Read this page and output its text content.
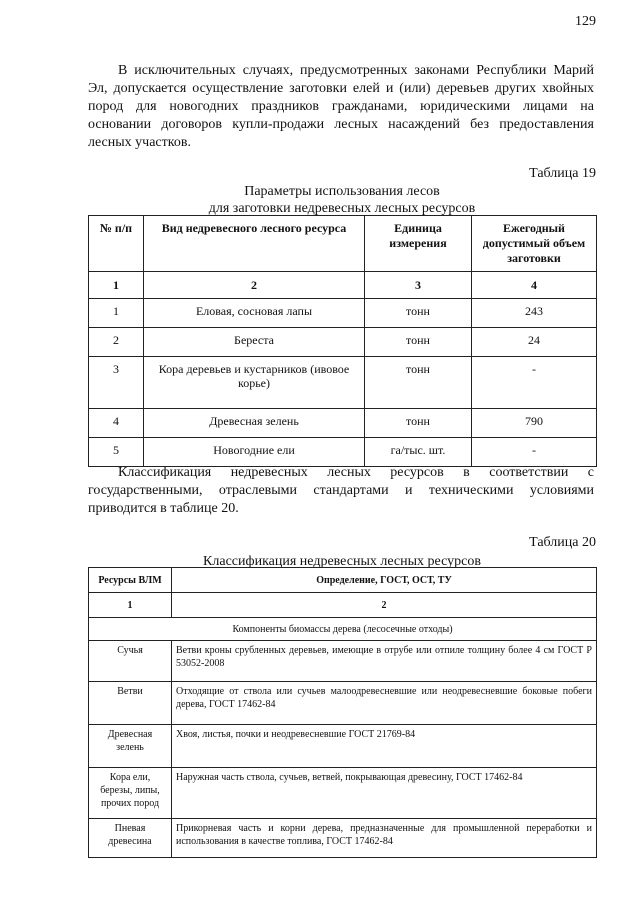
129

В исключительных случаях, предусмотренных законами Республики Марий Эл, допускается осуществление заготовки елей и (или) деревьев других хвойных пород для новогодних праздников гражданами, юридическими лицами на основании договоров купли-продажи лесных насаждений без предоставления лесных участков.

Таблица 19
Параметры использования лесов
для заготовки недревесных лесных ресурсов
№ п/п	Вид недревесного лесного ресурса	Единица измерения	Ежегодный допустимый объем заготовки
1	2	3	4
1	Еловая, сосновая лапы	тонн	243
2	Береста	тонн	24
3	Кора деревьев и кустарников (ивовое корье)	тонн	-
4	Древесная зелень	тонн	790
5	Новогодние ели	га/тыс. шт.	-

Классификация недревесных лесных ресурсов в соответствии с государственными, отраслевыми стандартами и техническими условиями приводится в таблице 20.

Таблица 20
Классификация недревесных лесных ресурсов
Ресурсы ВЛМ	Определение, ГОСТ, ОСТ, ТУ
1	2
Компоненты биомассы дерева (лесосечные отходы)	
Сучья	Ветви кроны срубленных деревьев, имеющие в отрубе или отпиле толщину более 4 см ГОСТ Р 53052-2008
Ветви	Отходящие от ствола или сучьев малоодревесневшие или неодревесневшие боковые побеги дерева, ГОСТ 17462-84
Древесная зелень	Хвоя, листья, почки и неодревесневшие ГОСТ 21769-84
Кора ели, березы, липы, прочих пород	Наружная часть ствола, сучьев, ветвей, покрывающая древесину, ГОСТ 17462-84
Пневая древесина	Прикорневая часть и корни дерева, предназначенные для промышленной переработки и использования в качестве топлива, ГОСТ 17462-84
